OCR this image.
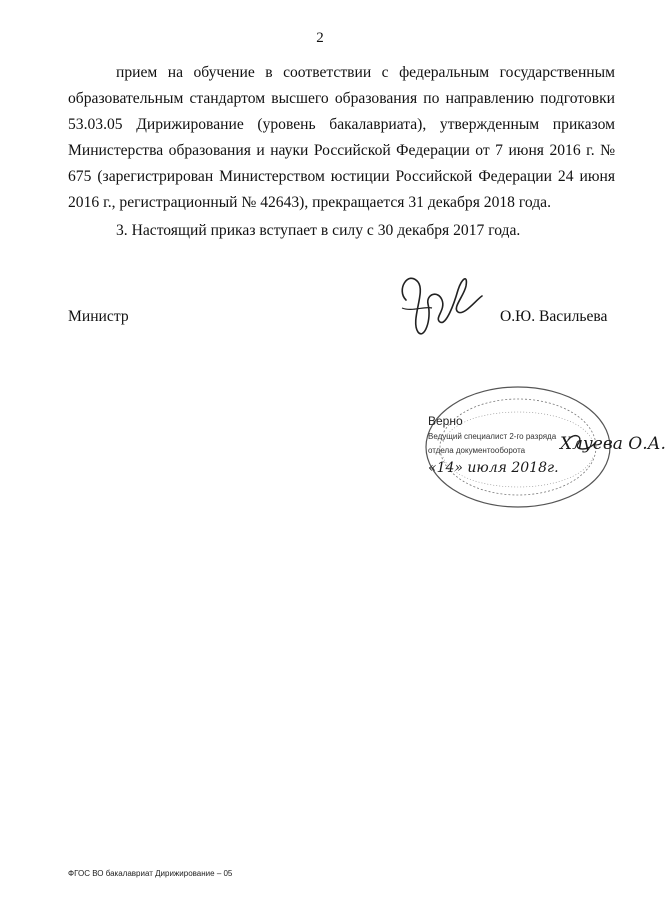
2

прием на обучение в соответствии с федеральным государственным образовательным стандартом высшего образования по направлению подготовки 53.03.05 Дирижирование (уровень бакалавриата), утвержденным приказом Министерства образования и науки Российской Федерации от 7 июня 2016 г. № 675 (зарегистрирован Министерством юстиции Российской Федерации 24 июня 2016 г., регистрационный № 42643), прекращается 31 декабря 2018 года.

3. Настоящий приказ вступает в силу с 30 декабря 2017 года.

Министр	О.Ю. Васильева
Верно
Ведущий специалист 2-го разряда
отдела документооборота Хлуева О.А.
«14» июля 2018г.
ФГОС ВО бакалавриат Дирижирование – 05
